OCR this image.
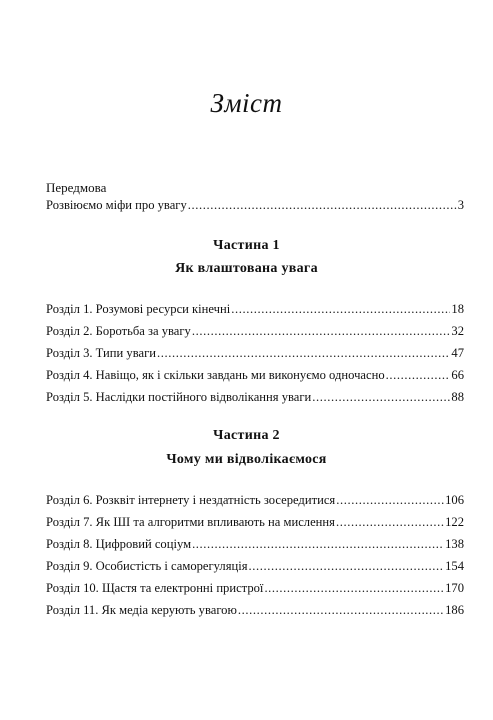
Зміст
Передмова
Розвіюємо міфи про увагу .....	3
Частина 1
Як влаштована увага
Розділ 1. Розумові ресурси кінечні .....	18
Розділ 2. Боротьба за увагу .....	32
Розділ 3. Типи уваги .....	47
Розділ 4. Навіщо, як і скільки завдань ми виконуємо одночасно .....	66
Розділ 5. Наслідки постійного відволікання уваги .....	88
Частина 2
Чому ми відволікаємося
Розділ 6. Розквіт інтернету і нездатність зосередитися .....	106
Розділ 7. Як ШІ та алгоритми впливають на мислення .....	122
Розділ 8. Цифровий соціум .....	138
Розділ 9. Особистість і саморегуляція .....	154
Розділ 10. Щастя та електронні пристрої .....	170
Розділ 11. Як медіа керують увагою .....	186
